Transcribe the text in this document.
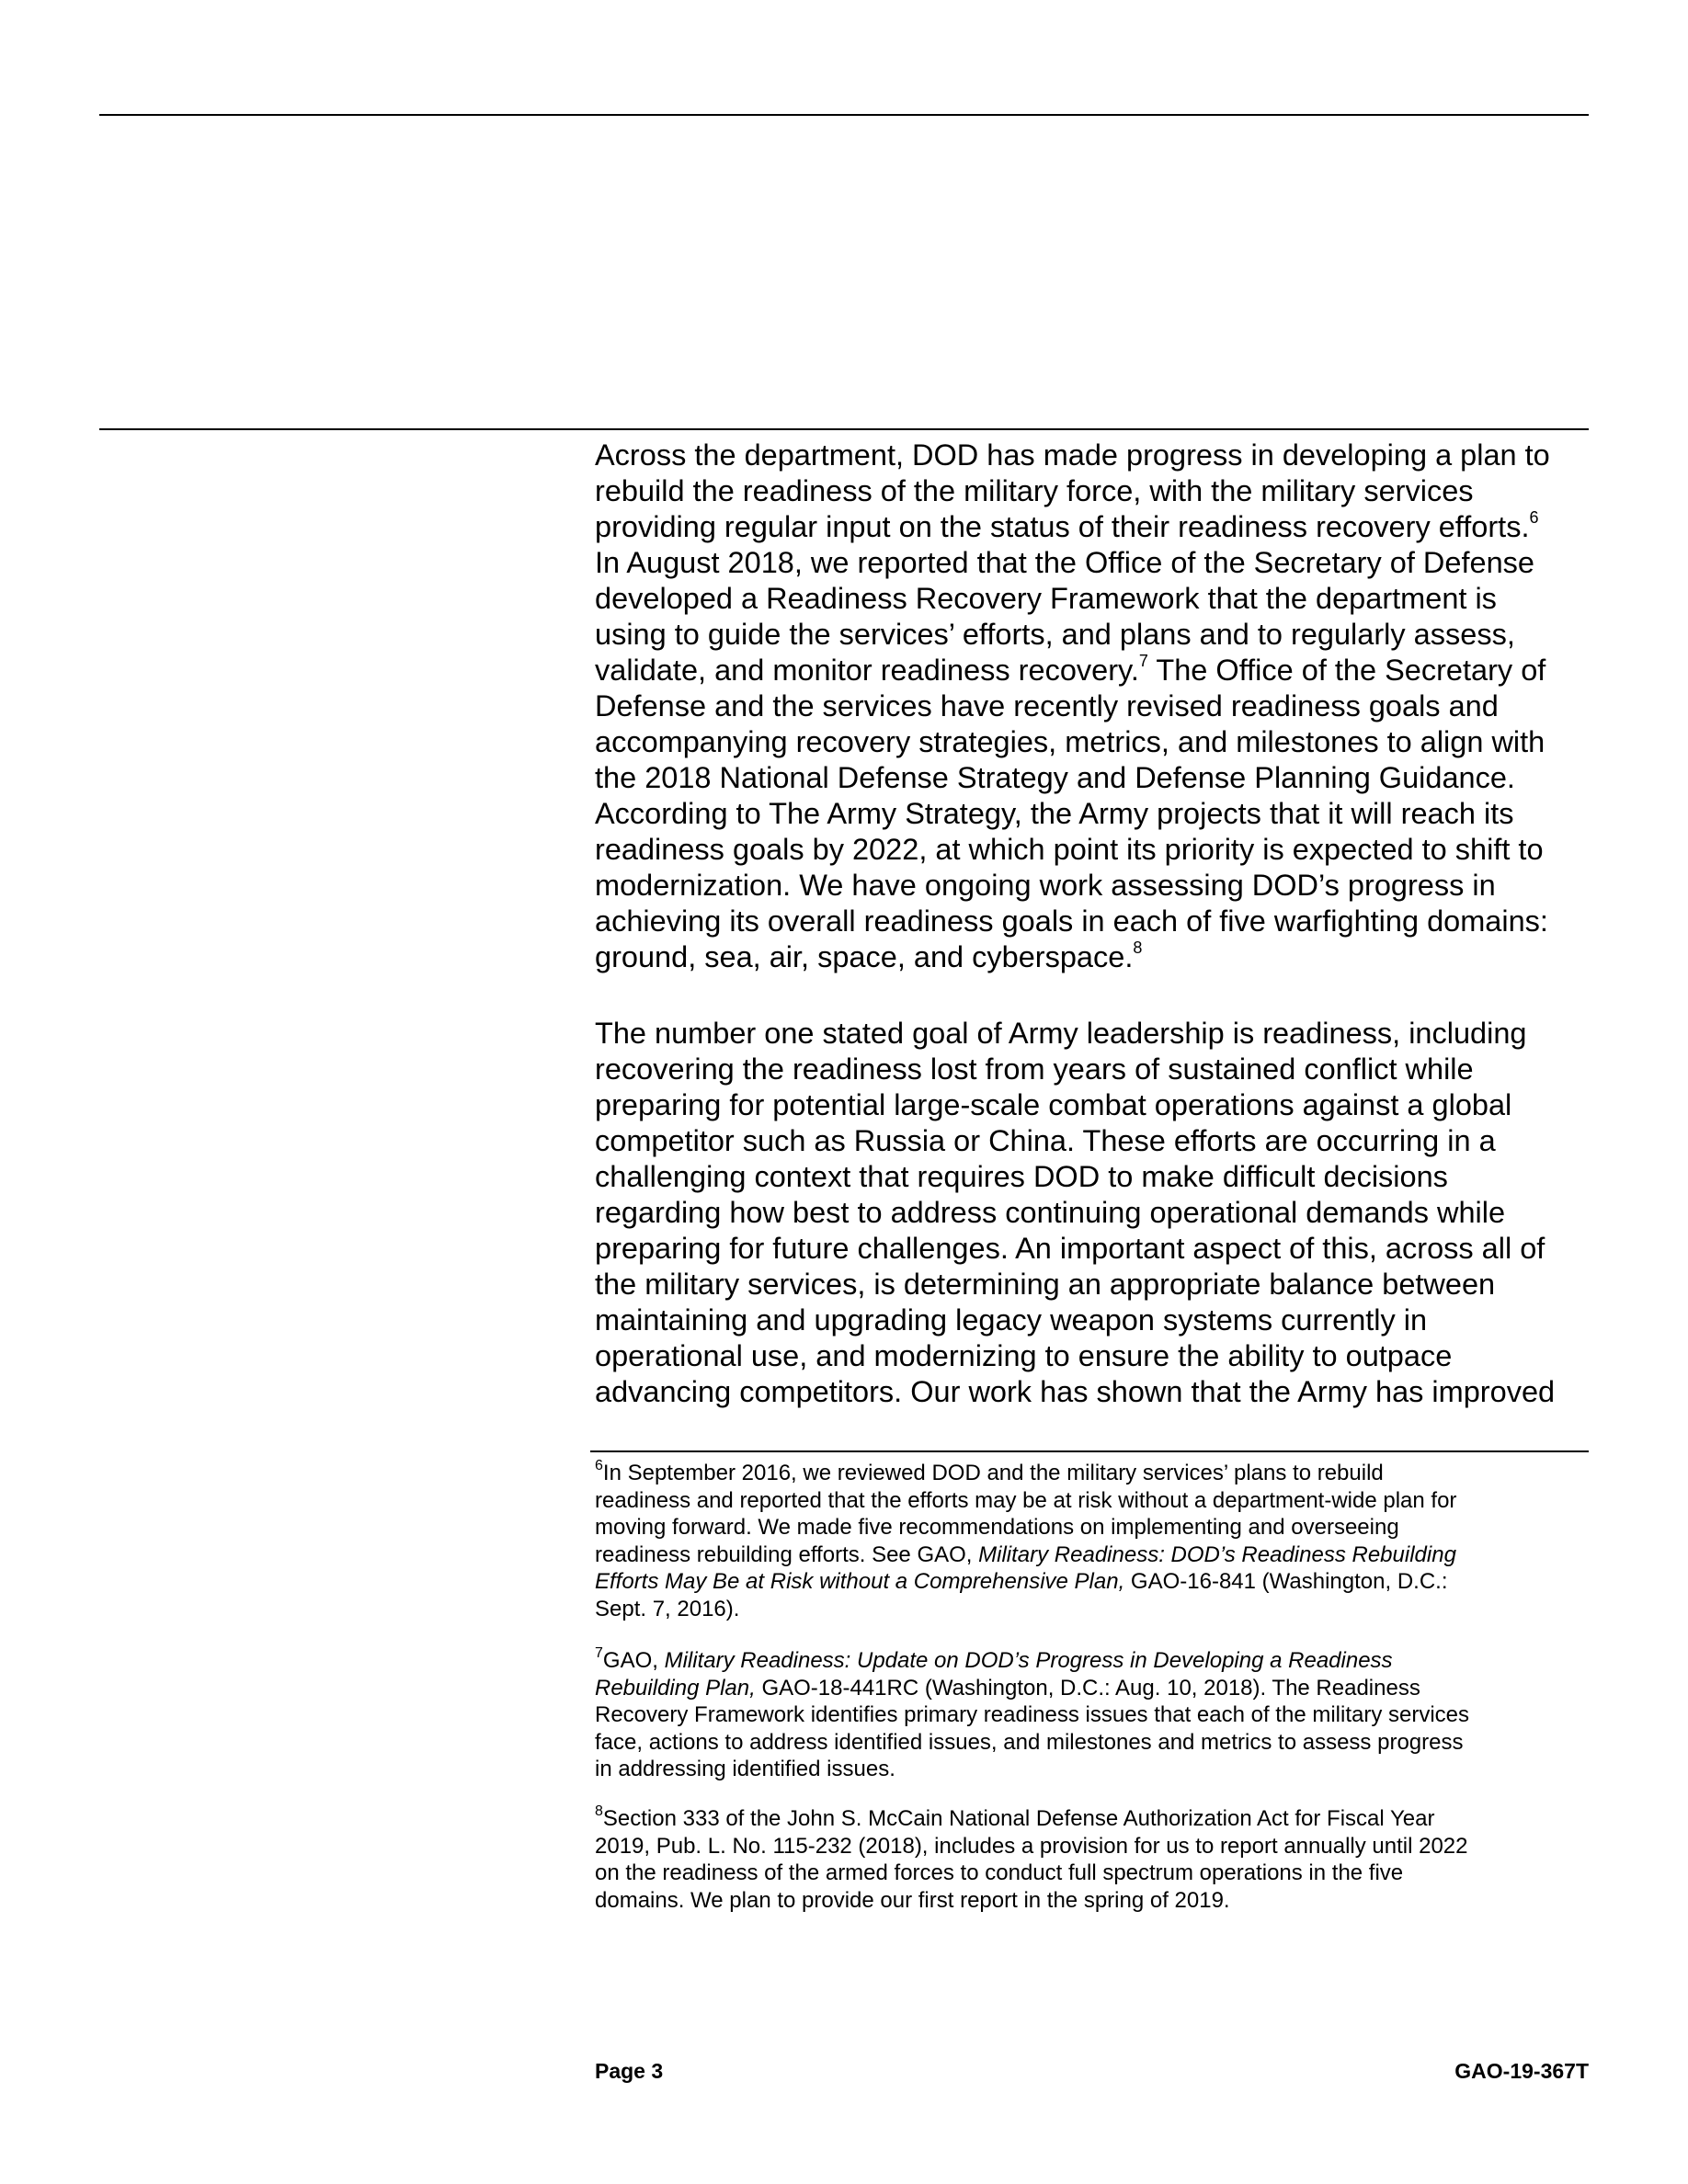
Across the department, DOD has made progress in developing a plan to
rebuild the readiness of the military force, with the military services
providing regular input on the status of their readiness recovery efforts.$^6$
In August 2018, we reported that the Office of the Secretary of Defense
developed a Readiness Recovery Framework that the department is
using to guide the services’ efforts, and plans and to regularly assess,
validate, and monitor readiness recovery.$^7$ The Office of the Secretary of
Defense and the services have recently revised readiness goals and
accompanying recovery strategies, metrics, and milestones to align with
the 2018 National Defense Strategy and Defense Planning Guidance.
According to The Army Strategy, the Army projects that it will reach its
readiness goals by 2022, at which point its priority is expected to shift to
modernization. We have ongoing work assessing DOD’s progress in
achieving its overall readiness goals in each of five warfighting domains:
ground, sea, air, space, and cyberspace.$^8$
The number one stated goal of Army leadership is readiness, including
recovering the readiness lost from years of sustained conflict while
preparing for potential large-scale combat operations against a global
competitor such as Russia or China. These efforts are occurring in a
challenging context that requires DOD to make difficult decisions
regarding how best to address continuing operational demands while
preparing for future challenges. An important aspect of this, across all of
the military services, is determining an appropriate balance between
maintaining and upgrading legacy weapon systems currently in
operational use, and modernizing to ensure the ability to outpace
advancing competitors. Our work has shown that the Army has improved
$^6$In September 2016, we reviewed DOD and the military services’ plans to rebuild
readiness and reported that the efforts may be at risk without a department-wide plan for
moving forward. We made five recommendations on implementing and overseeing
readiness rebuilding efforts. See GAO, Military Readiness: DOD’s Readiness Rebuilding
Efforts May Be at Risk without a Comprehensive Plan, GAO-16-841 (Washington, D.C.:
Sept. 7, 2016).
$^7$GAO, Military Readiness: Update on DOD’s Progress in Developing a Readiness
Rebuilding Plan, GAO-18-441RC (Washington, D.C.: Aug. 10, 2018). The Readiness
Recovery Framework identifies primary readiness issues that each of the military services
face, actions to address identified issues, and milestones and metrics to assess progress
in addressing identified issues.
$^8$Section 333 of the John S. McCain National Defense Authorization Act for Fiscal Year
2019, Pub. L. No. 115-232 (2018), includes a provision for us to report annually until 2022
on the readiness of the armed forces to conduct full spectrum operations in the five
domains. We plan to provide our first report in the spring of 2019.
Page 3	GAO-19-367T
